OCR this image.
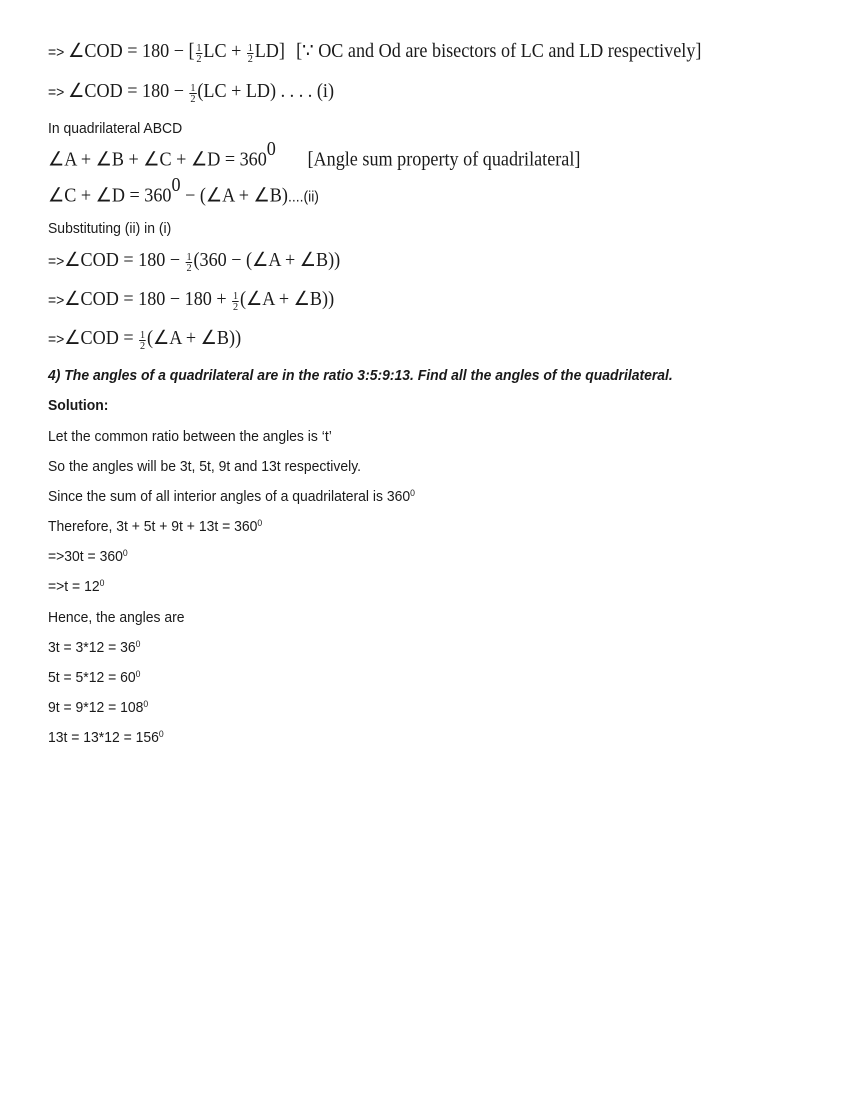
=> ∠COD = 180 − [ $\frac{1}{2}$ LC + $\frac{1}{2} LD$] [∵ OC and Od are bisectors of LC and LD respectively]
=> ∠COD = $180 - \frac{1}{2} (LC + LD)$ . . . . (i)
In quadrilateral ABCD
∠A + ∠B + ∠C + ∠D = $360^0[Angle$ sum property of quadrilateral]
∠C + ∠D = $360^0$ − (∠A + ∠B)....(ii)
Substituting (ii) in (i)
=>∠COD = $180 - \frac{1}{2} (360$ − (∠A + ∠B))
=>∠COD = $180 - 180 + \frac{1}{2}$ (∠A + ∠B))
=>∠COD = $\frac{1}{2}$ (∠A + ∠B))
4) The angles of a quadrilateral are in the ratio 3:5:9:13. Find all the angles of the quadrilateral.
Solution:
Let the common ratio between the angles is ‘t’
So the angles will be 3t, 5t, 9t and 13t respectively.
Since the sum of all interior angles of a quadrilateral is $360^0$
Therefore, $3t + 5t + 9t + 13t = 360^0$
$=>30t = 360^0$
$=>t = 12^0$
Hence, the angles are
$3t = 3*12 = 36^0$
$5t = 5*12 = 60^0$
$9t = 9*12 = 108^0$
$13t = 13*12 = 156^0$
